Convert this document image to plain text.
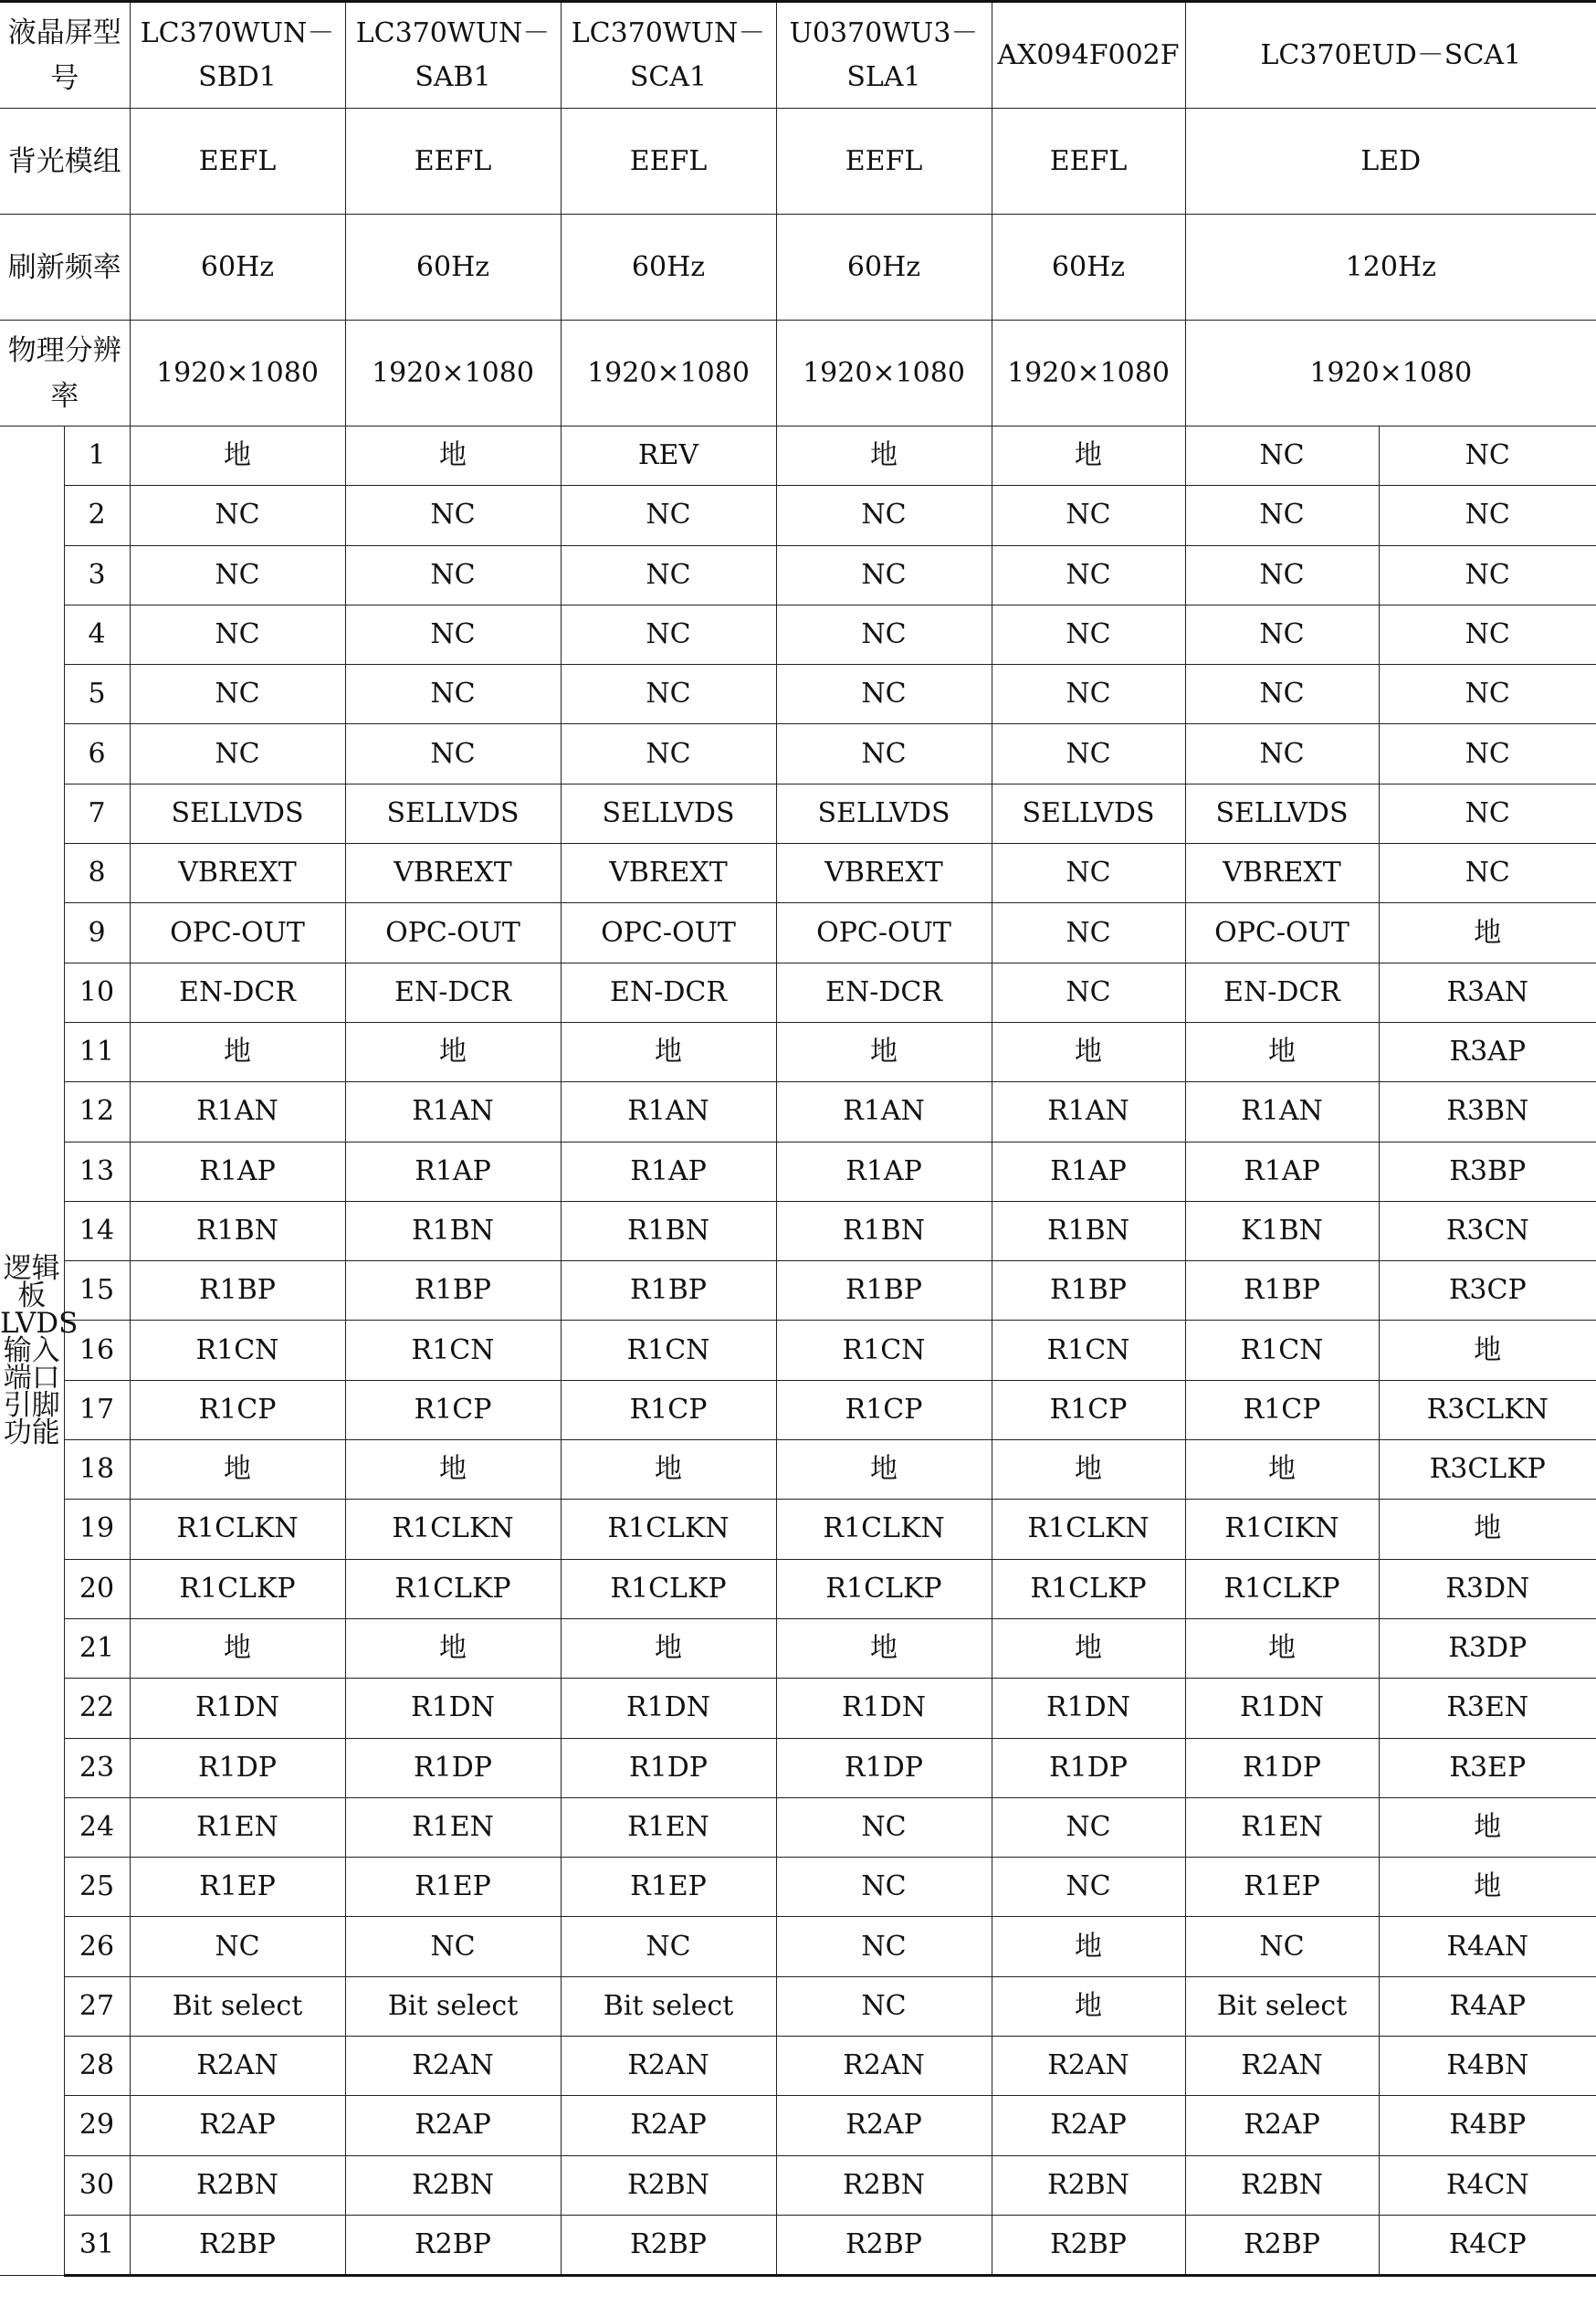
液晶屏型号		LC370WUN－SBD1	LC370WUN－SAB1	LC370WUN－SCA1	U0370WU3－SLA1	AX094F002F	LC370EUD－SCA1	
背光模组		EEFL	EEFL	EEFL	EEFL	EEFL	LED	
刷新频率		60Hz	60Hz	60Hz	60Hz	60Hz	120Hz	
物理分辨率		1920×1080	1920×1080	1920×1080	1920×1080	1920×1080	1920×1080	
逻辑板LVDS输入端口引脚功能	1	地	地	REV	地	地	NC	NC
	2	NC	NC	NC	NC	NC	NC	NC
	3	NC	NC	NC	NC	NC	NC	NC
	4	NC	NC	NC	NC	NC	NC	NC
	5	NC	NC	NC	NC	NC	NC	NC
	6	NC	NC	NC	NC	NC	NC	NC
	7	SELLVDS	SELLVDS	SELLVDS	SELLVDS	SELLVDS	SELLVDS	NC
	8	VBREXT	VBREXT	VBREXT	VBREXT	NC	VBREXT	NC
	9	OPC-OUT	OPC-OUT	OPC-OUT	OPC-OUT	NC	OPC-OUT	地
	10	EN-DCR	EN-DCR	EN-DCR	EN-DCR	NC	EN-DCR	R3AN
	11	地	地	地	地	地	地	R3AP
	12	R1AN	R1AN	R1AN	R1AN	R1AN	R1AN	R3BN
	13	R1AP	R1AP	R1AP	R1AP	R1AP	R1AP	R3BP
	14	R1BN	R1BN	R1BN	R1BN	R1BN	K1BN	R3CN
	15	R1BP	R1BP	R1BP	R1BP	R1BP	R1BP	R3CP
	16	R1CN	R1CN	R1CN	R1CN	R1CN	R1CN	地
	17	R1CP	R1CP	R1CP	R1CP	R1CP	R1CP	R3CLKN
	18	地	地	地	地	地	地	R3CLKP
	19	R1CLKN	R1CLKN	R1CLKN	R1CLKN	R1CLKN	R1CIKN	地
	20	R1CLKP	R1CLKP	R1CLKP	R1CLKP	R1CLKP	R1CLKP	R3DN
	21	地	地	地	地	地	地	R3DP
	22	R1DN	R1DN	R1DN	R1DN	R1DN	R1DN	R3EN
	23	R1DP	R1DP	R1DP	R1DP	R1DP	R1DP	R3EP
	24	R1EN	R1EN	R1EN	NC	NC	R1EN	地
	25	R1EP	R1EP	R1EP	NC	NC	R1EP	地
	26	NC	NC	NC	NC	地	NC	R4AN
	27	Bit select	Bit select	Bit select	NC	地	Bit select	R4AP
	28	R2AN	R2AN	R2AN	R2AN	R2AN	R2AN	R4BN
	29	R2AP	R2AP	R2AP	R2AP	R2AP	R2AP	R4BP
	30	R2BN	R2BN	R2BN	R2BN	R2BN	R2BN	R4CN
	31	R2BP	R2BP	R2BP	R2BP	R2BP	R2BP	R4CP
